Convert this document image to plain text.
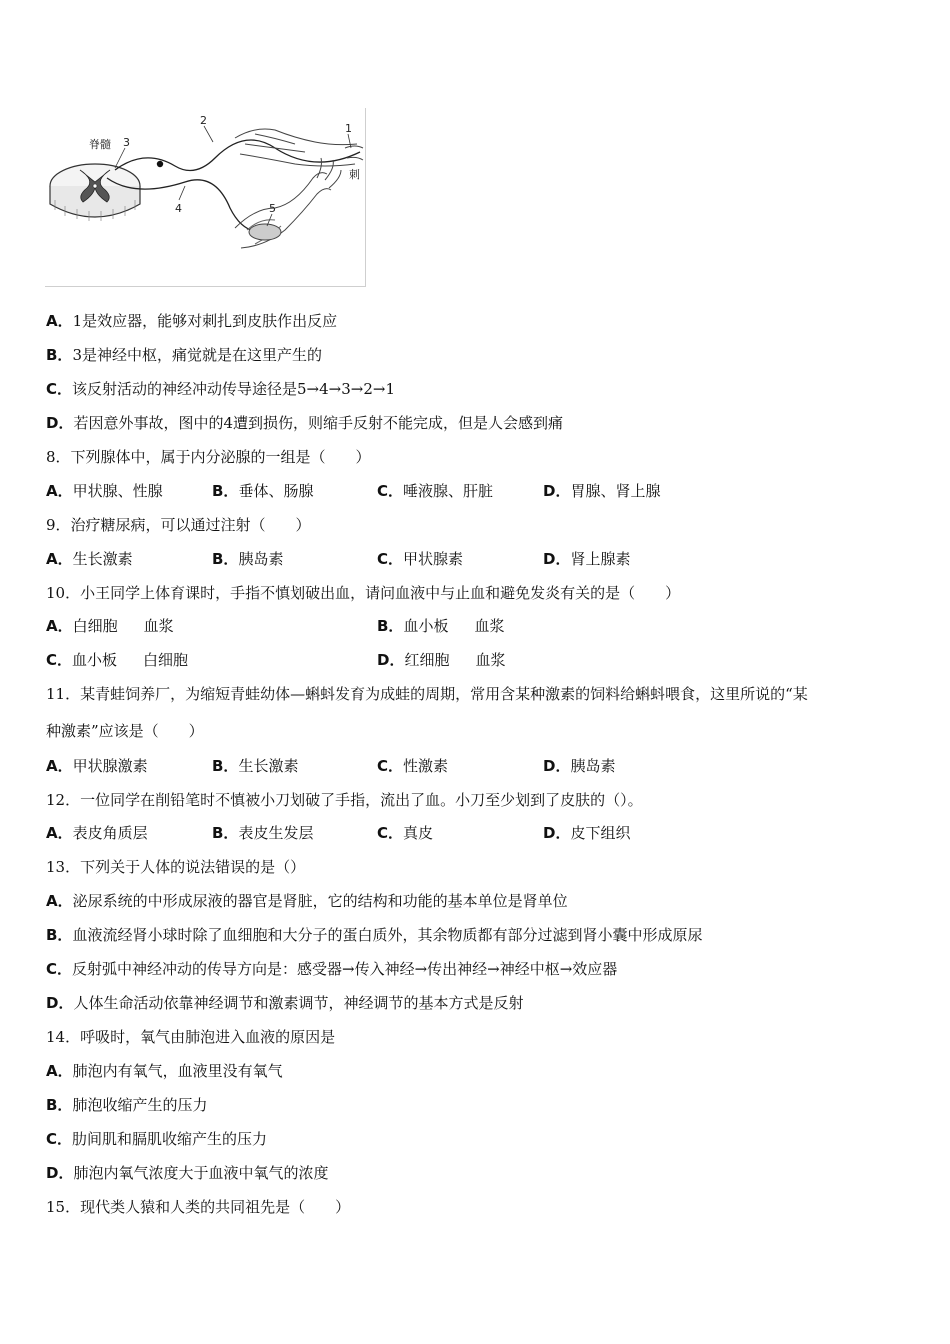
脊髓 3
2
1
刺
4	5
A．1是效应器，能够对刺扎到皮肤作出反应
B．3是神经中枢，痛觉就是在这里产生的
C．该反射活动的神经冲动传导途径是5→4→3→2→1
D．若因意外事故，图中的4遭到损伤，则缩手反射不能完成，但是人会感到痛
8．下列腺体中，属于内分泌腺的一组是（　　）
A．甲状腺、性腺	B．垂体、肠腺	C．唾液腺、肝脏	D．胃腺、肾上腺
9．治疗糖尿病，可以通过注射（　　）
A．生长激素	B．胰岛素	C．甲状腺素	D．肾上腺素
10．小王同学上体育课时，手指不慎划破出血，请问血液中与止血和避免发炎有关的是（　　）
A．白细胞 血浆	B．血小板 血浆
C．血小板 白细胞	D．红细胞 血浆
11．某青蛙饲养厂，为缩短青蛙幼体—蝌蚪发育为成蛙的周期，常用含某种激素的饲料给蝌蚪喂食，这里所说的“某
种激素”应该是（　　）
A．甲状腺激素	B．生长激素	C．性激素	D．胰岛素
12．一位同学在削铅笔时不慎被小刀划破了手指，流出了血。小刀至少划到了皮肤的（）。
A．表皮角质层	B．表皮生发层	C．真皮	D．皮下组织
13．下列关于人体的说法错误的是（）
A．泌尿系统的中形成尿液的器官是肾脏，它的结构和功能的基本单位是肾单位
B．血液流经肾小球时除了血细胞和大分子的蛋白质外，其余物质都有部分过滤到肾小囊中形成原尿
C．反射弧中神经冲动的传导方向是：感受器→传入神经→传出神经→神经中枢→效应器
D．人体生命活动依靠神经调节和激素调节，神经调节的基本方式是反射
14．呼吸时，氧气由肺泡进入血液的原因是
A．肺泡内有氧气，血液里没有氧气
B．肺泡收缩产生的压力
C．肋间肌和膈肌收缩产生的压力
D．肺泡内氧气浓度大于血液中氧气的浓度
15．现代类人猿和人类的共同祖先是（　　）
